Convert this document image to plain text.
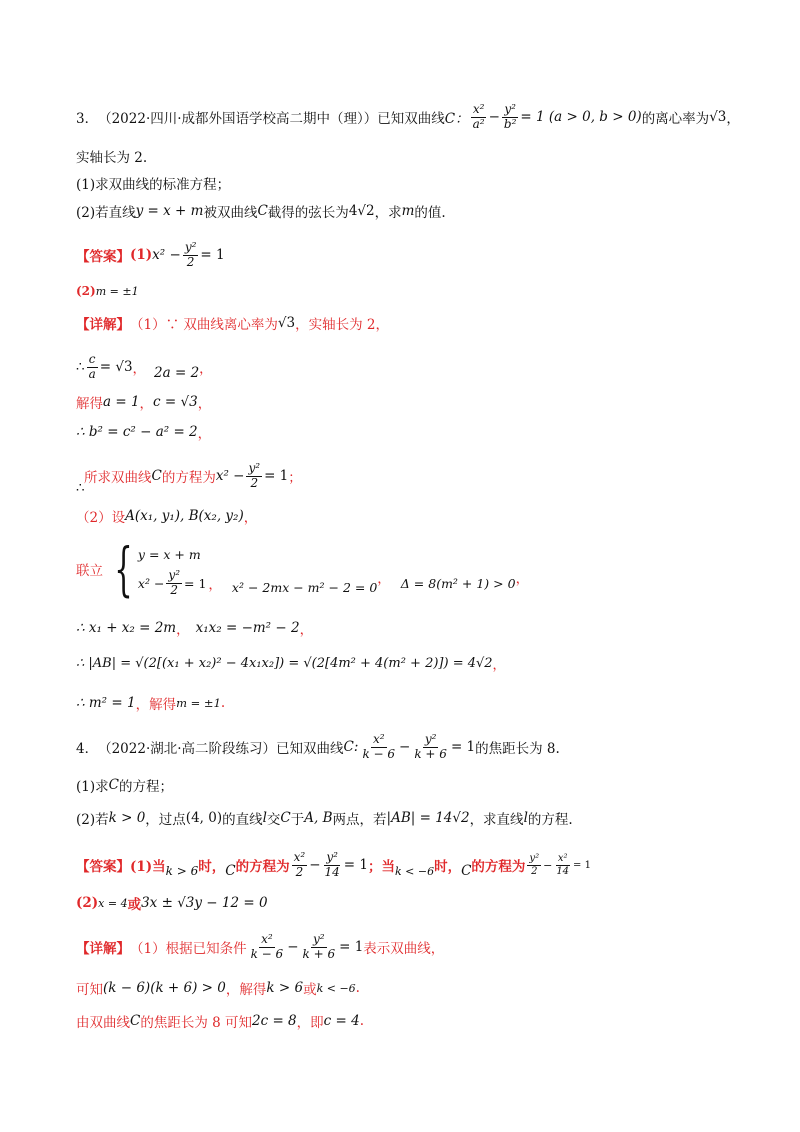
3． （2022·四川·成都外国语学校高二期中（理））已知双曲线 C： $\frac{\text{x²}}{\text{a²}} - \frac{\text{y²}}{\text{b²}} = 1$ (a > 0, b > 0) 的离心率为 √3 ，
实轴长为 2.
(1)求双曲线的标准方程；
(2)若直线 y = x + m 被双曲线 C 截得的弦长为 4√2 ，求 m 的值.
【答案】 (1) $x^2 - \frac{\text{y²}}{2} = 1$
(2) m = ±1
【详解】 （1）∵ 双曲线离心率为 √3 ，实轴长为 2，
∴ $\frac{c}{a} = √3$ ， 2a = 2 ，
解得 a = 1 ， c = √3 ，
∴ b² = c² − a² = 2 ，
所求双曲线 C 的方程为 $x^2 - \frac{\text{y²}}{2} = 1$ ；
∴
（2）设 A(x₁, y₁), B(x₂, y₂) ，
联立 { y = x + m
$x^2 - \frac{\text{y²}}{2} = 1$ ， x² − 2mx − m² − 2 = 0 ， Δ = 8(m² + 1) > 0 ，
∴ x₁ + x₂ = 2m ， x₁x₂ = −m² − 2 ，
∴ |AB| = √(2[(x₁ + x₂)² − 4x₁x₂]) = √(2[4m² + 4(m² + 2)]) = 4√2 ，
∴ m² = 1 ，解得 m = ±1 .
4． （2022·湖北·高二阶段练习）已知双曲线 C: $\frac{\text{x²}}{k - 6} - \frac{\text{y²}}{k + 6} = 1$ 的焦距长为 8.
(1)求 C 的方程；
(2)若 k > 0 ，过点 (4, 0) 的直线 l 交 C 于 A, B 两点，若 |AB| = 14√2 ，求直线 l 的方程.
【答案】 (1)当 k > 6 时， C 的方程为 $\frac{\text{x²}}{2} - \frac{\text{y²}}{14} = 1$ ；当 k < −6 时， C 的方程为 $\frac{\text{y²}}{2} - \frac{\text{x²}}{14} = 1$
(2) x = 4 或 3x ± √3y − 12 = 0
【详解】 （1）根据已知条件 $\frac{\text{x²}}{k - 6} - \frac{\text{y²}}{k + 6} = 1$ 表示双曲线，
可知 (k − 6)(k + 6) > 0 ，解得 k > 6 或 k < −6 .
由双曲线 C 的焦距长为 8 可知 2c = 8 ，即 c = 4 .
